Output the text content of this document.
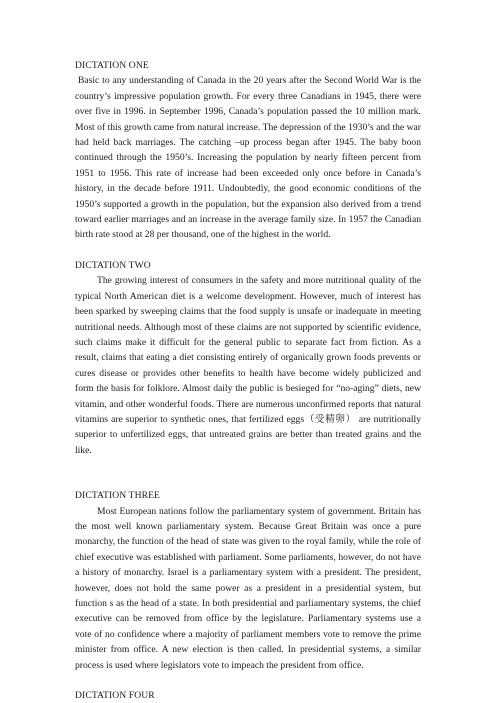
DICTATION ONE

Basic to any understanding of Canada in the 20 years after the Second World War is the country’s impressive population growth. For every three Canadians in 1945, there were over five in 1996. in September 1996, Canada’s population passed the 10 million mark. Most of this growth came from natural increase. The depression of the 1930’s and the war had held back marriages. The catching –up process began after 1945. The baby boon continued through the 1950’s. Increasing the population by nearly fifteen percent from 1951 to 1956. This rate of increase had been exceeded only once before in Canada’s history, in the decade before 1911. Undoubtedly, the good economic conditions of the 1950’s supported a growth in the population, but the expansion also derived from a trend toward earlier marriages and an increase in the average family size. In 1957 the Canadian birth rate stood at 28 per thousand, one of the highest in the world.

DICTATION TWO

The growing interest of consumers in the safety and more nutritional quality of the typical North American diet is a welcome development. However, much of interest has been sparked by sweeping claims that the food supply is unsafe or inadequate in meeting nutritional needs. Although most of these claims are not supported by scientific evidence, such claims make it difficult for the general public to separate fact from fiction. As a result, claims that eating a diet consisting entirely of organically grown foods prevents or cures disease or provides other benefits to health have become widely publicized and form the basis for folklore. Almost daily the public is besieged for “no-aging” diets, new vitamin, and other wonderful foods. There are numerous unconfirmed reports that natural vitamins are superior to synthetic ones, that fertilized eggs（受精卵） are nutritionally superior to unfertilized eggs, that untreated grains are better than treated grains and the like.

DICTATION THREE

Most European nations follow the parliamentary system of government. Britain has the most well known parliamentary system. Because Great Britain was once a pure monarchy, the function of the head of state was given to the royal family, while the role of chief executive was established with parliament. Some parliaments, however, do not have a history of monarchy. Israel is a parliamentary system with a president. The president, however, does not hold the same power as a president in a presidential system, but function s as the head of a state. In both presidential and parliamentary systems, the chief executive can be removed from office by the legislature. Parliamentary systems use a vote of no confidence where a majority of parliament members vote to remove the prime minister from office. A new election is then called. In presidential systems, a similar process is used where legislators vote to impeach the president from office.

DICTATION FOUR
